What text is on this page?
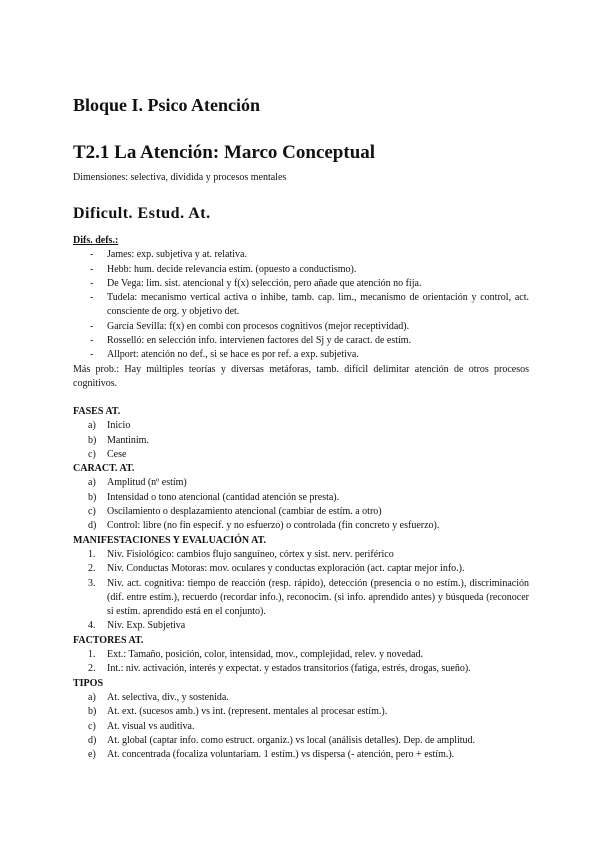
Bloque I. Psico Atención
T2.1 La Atención: Marco Conceptual
Dimensiones: selectiva, dividida y procesos mentales
Dificult. Estud. At.
Difs. defs.:
- James: exp. subjetiva y at. relativa.
- Hebb: hum. decide relevancia estím. (opuesto a conductismo).
- De Vega: lim. sist. atencional y f(x) selección, pero añade que atención no fija.
- Tudela: mecanismo vertical activa o inhibe, tamb. cap. lim., mecanismo de orientación y control, act. consciente de org. y objetivo det.
- García Sevilla: f(x) en combi con procesos cognitivos (mejor receptividad).
- Rosselló: en selección info. intervienen factores del Sj y de caract. de estím.
- Allport: atención no def., si se hace es por ref. a exp. subjetiva.
Más prob.: Hay múltiples teorías y diversas metáforas, tamb. difícil delimitar atención de otros procesos cognitivos.
FASES AT.
a) Inicio
b) Mantinim.
c) Cese
CARACT. AT.
a) Amplitud (nº estím)
b) Intensidad o tono atencional (cantidad atención se presta).
c) Oscilamiento o desplazamiento atencional (cambiar de estím. a otro)
d) Control: libre (no fin especif. y no esfuerzo) o controlada (fin concreto y esfuerzo).
MANIFESTACIONES Y EVALUACIÓN AT.
1. Niv. Fisiológico: cambios flujo sanguíneo, córtex y sist. nerv. periférico
2. Niv. Conductas Motoras: mov. oculares y conductas exploración (act. captar mejor info.).
3. Niv. act. cognitiva: tiempo de reacción (resp. rápido), detección (presencia o no estím.), discriminación (dif. entre estím.), recuerdo (recordar info.), reconocim. (si info. aprendido antes) y búsqueda (reconocer si estím. aprendido está en el conjunto).
4. Niv. Exp. Subjetiva
FACTORES AT.
1. Ext.: Tamaño, posición, color, intensidad, mov., complejidad, relev. y novedad.
2. Int.: niv. activación, interés y expectat. y estados transitorios (fatiga, estrés, drogas, sueño).
TIPOS
a) At. selectiva, div., y sostenida.
b) At. ext. (sucesos amb.) vs int. (represent. mentales al procesar estím.).
c) At. visual vs auditiva.
d) At. global (captar info. como estruct. organiz.) vs local (análisis detalles). Dep. de amplitud.
e) At. concentrada (focaliza voluntariam. 1 estím.) vs dispersa (- atención, pero + estím.).
